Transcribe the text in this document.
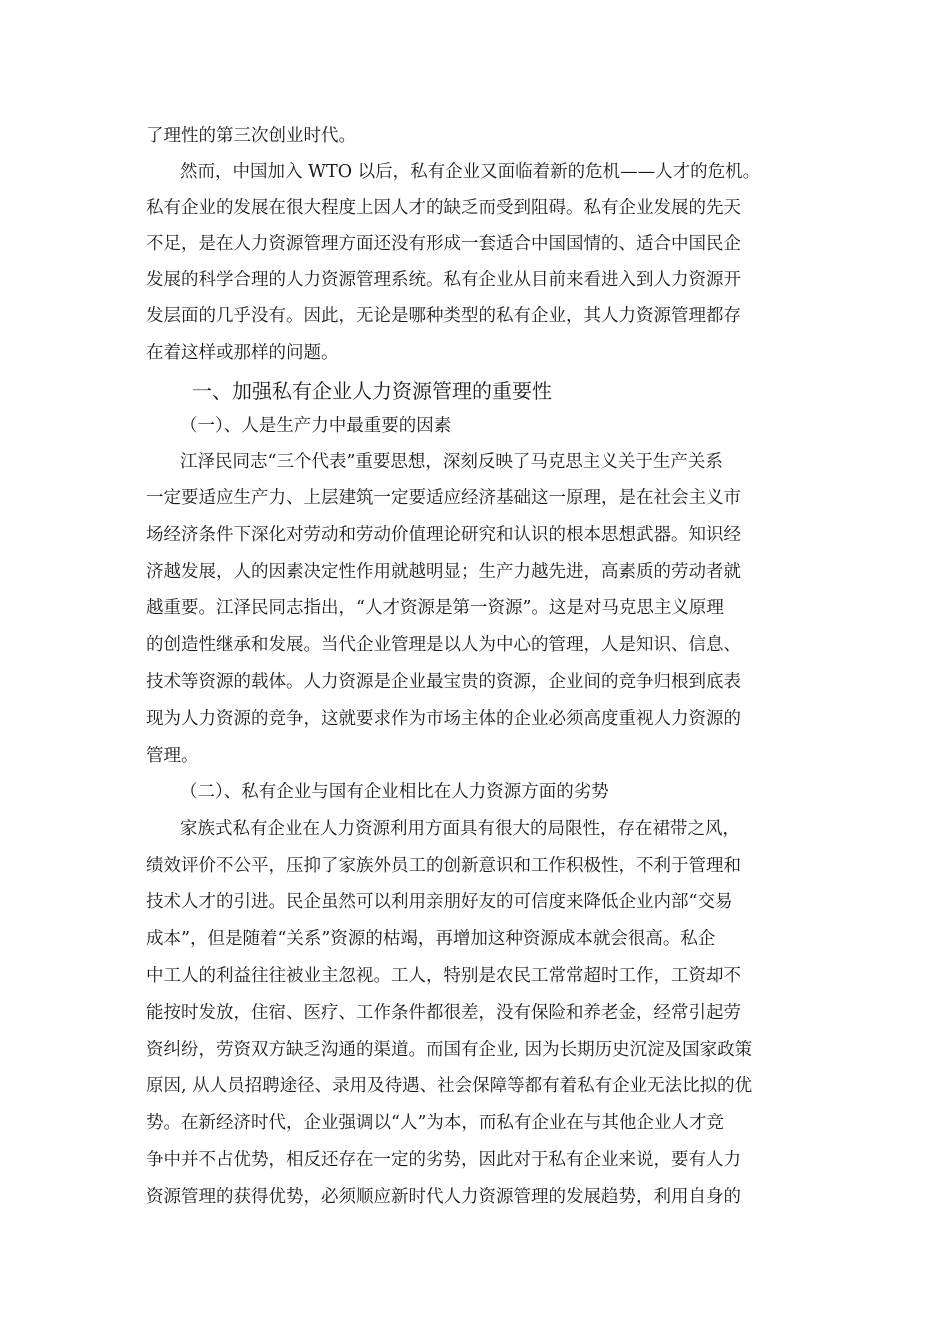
了理性的第三次创业时代。
然而，中国加入 WTO 以后，私有企业又面临着新的危机——人才的危机。
私有企业的发展在很大程度上因人才的缺乏而受到阻碍。私有企业发展的先天
不足，是在人力资源管理方面还没有形成一套适合中国国情的、适合中国民企
发展的科学合理的人力资源管理系统。私有企业从目前来看进入到人力资源开
发层面的几乎没有。因此，无论是哪种类型的私有企业，其人力资源管理都存
在着这样或那样的问题。
一、加强私有企业人力资源管理的重要性
（一）、人是生产力中最重要的因素
江泽民同志“三个代表”重要思想，深刻反映了马克思主义关于生产关系
一定要适应生产力、上层建筑一定要适应经济基础这一原理，是在社会主义市
场经济条件下深化对劳动和劳动价值理论研究和认识的根本思想武器。知识经
济越发展，人的因素决定性作用就越明显；生产力越先进，高素质的劳动者就
越重要。江泽民同志指出，“人才资源是第一资源”。这是对马克思主义原理
的创造性继承和发展。当代企业管理是以人为中心的管理，人是知识、信息、
技术等资源的载体。人力资源是企业最宝贵的资源，企业间的竞争归根到底表
现为人力资源的竞争，这就要求作为市场主体的企业必须高度重视人力资源的
管理。
（二）、私有企业与国有企业相比在人力资源方面的劣势
家族式私有企业在人力资源利用方面具有很大的局限性，存在裙带之风，
绩效评价不公平，压抑了家族外员工的创新意识和工作积极性，不利于管理和
技术人才的引进。民企虽然可以利用亲朋好友的可信度来降低企业内部“交易
成本”，但是随着“关系”资源的枯竭，再增加这种资源成本就会很高。私企
中工人的利益往往被业主忽视。工人，特别是农民工常常超时工作，工资却不
能按时发放，住宿、医疗、工作条件都很差，没有保险和养老金，经常引起劳
资纠纷，劳资双方缺乏沟通的渠道。而国有企业, 因为长期历史沉淀及国家政策
原因, 从人员招聘途径、录用及待遇、社会保障等都有着私有企业无法比拟的优
势。在新经济时代，企业强调以“人”为本，而私有企业在与其他企业人才竞
争中并不占优势，相反还存在一定的劣势，因此对于私有企业来说，要有人力
资源管理的获得优势，必须顺应新时代人力资源管理的发展趋势，利用自身的
